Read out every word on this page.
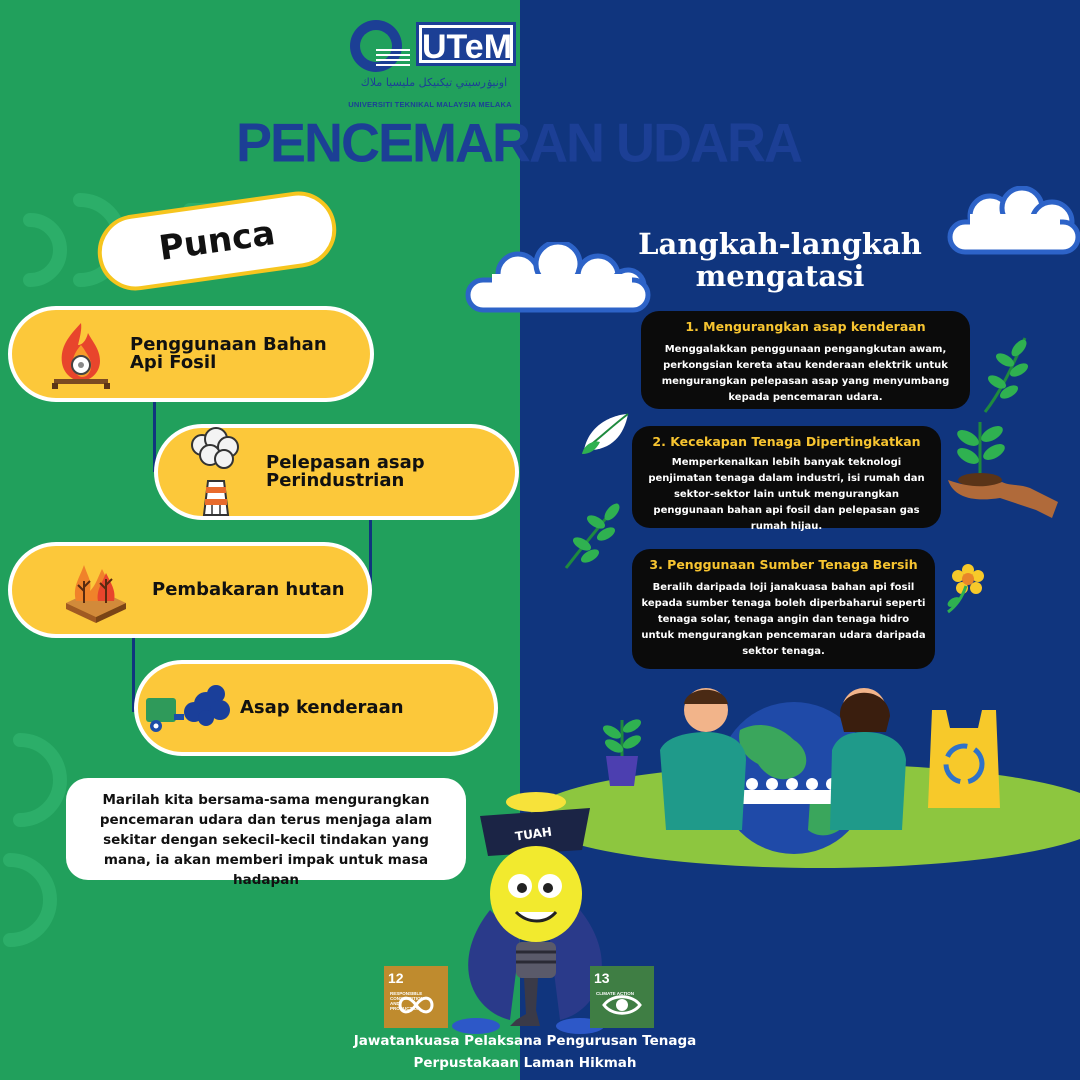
UTeM
اونيۏرسيتي تيكنيكل مليسيا ملاك
UNIVERSITI TEKNIKAL MALAYSIA MELAKA
PENCEMARAN UDARA
Punca
Penggunaan Bahan
Api Fosil
Pelepasan asap
Perindustrian
Pembakaran hutan
Asap kenderaan
Marilah kita bersama-sama mengurangkan pencemaran udara dan terus menjaga alam sekitar dengan sekecil-kecil tindakan yang mana, ia akan memberi impak untuk masa hadapan
Langkah-langkah
mengatasi
1. Mengurangkan asap kenderaan
Menggalakkan penggunaan pengangkutan awam, perkongsian kereta atau kenderaan elektrik untuk mengurangkan pelepasan asap yang menyumbang kepada pencemaran udara.
2. Kecekapan Tenaga Dipertingkatkan
Memperkenalkan lebih banyak teknologi penjimatan tenaga dalam industri, isi rumah dan sektor-sektor lain untuk mengurangkan penggunaan bahan api fosil dan pelepasan gas rumah hijau.
3. Penggunaan Sumber Tenaga Bersih
Beralih daripada loji janakuasa bahan api fosil kepada sumber tenaga boleh diperbaharui seperti tenaga solar, tenaga angin dan tenaga hidro untuk mengurangkan pencemaran udara daripada sektor tenaga.
TUAH
12 RESPONSIBLE CONSUMPTION AND PRODUCTION
13 CLIMATE ACTION
Jawatankuasa Pelaksana Pengurusan Tenaga
Perpustakaan Laman Hikmah
